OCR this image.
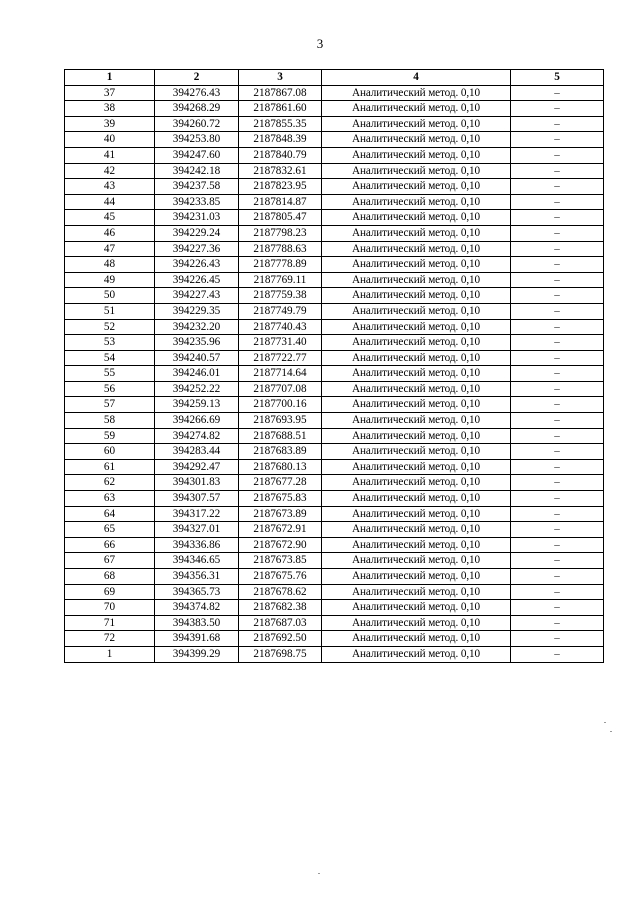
3
1	2	3	4	5
37	394276.43	2187867.08	Аналитический метод. 0,10	–
38	394268.29	2187861.60	Аналитический метод. 0,10	–
39	394260.72	2187855.35	Аналитический метод. 0,10	–
40	394253.80	2187848.39	Аналитический метод. 0,10	–
41	394247.60	2187840.79	Аналитический метод. 0,10	–
42	394242.18	2187832.61	Аналитический метод. 0,10	–
43	394237.58	2187823.95	Аналитический метод. 0,10	–
44	394233.85	2187814.87	Аналитический метод. 0,10	–
45	394231.03	2187805.47	Аналитический метод. 0,10	–
46	394229.24	2187798.23	Аналитический метод. 0,10	–
47	394227.36	2187788.63	Аналитический метод. 0,10	–
48	394226.43	2187778.89	Аналитический метод. 0,10	–
49	394226.45	2187769.11	Аналитический метод. 0,10	–
50	394227.43	2187759.38	Аналитический метод. 0,10	–
51	394229.35	2187749.79	Аналитический метод. 0,10	–
52	394232.20	2187740.43	Аналитический метод. 0,10	–
53	394235.96	2187731.40	Аналитический метод. 0,10	–
54	394240.57	2187722.77	Аналитический метод. 0,10	–
55	394246.01	2187714.64	Аналитический метод. 0,10	–
56	394252.22	2187707.08	Аналитический метод. 0,10	–
57	394259.13	2187700.16	Аналитический метод. 0,10	–
58	394266.69	2187693.95	Аналитический метод. 0,10	–
59	394274.82	2187688.51	Аналитический метод. 0,10	–
60	394283.44	2187683.89	Аналитический метод. 0,10	–
61	394292.47	2187680.13	Аналитический метод. 0,10	–
62	394301.83	2187677.28	Аналитический метод. 0,10	–
63	394307.57	2187675.83	Аналитический метод. 0,10	–
64	394317.22	2187673.89	Аналитический метод. 0,10	–
65	394327.01	2187672.91	Аналитический метод. 0,10	–
66	394336.86	2187672.90	Аналитический метод. 0,10	–
67	394346.65	2187673.85	Аналитический метод. 0,10	–
68	394356.31	2187675.76	Аналитический метод. 0,10	–
69	394365.73	2187678.62	Аналитический метод. 0,10	–
70	394374.82	2187682.38	Аналитический метод. 0,10	–
71	394383.50	2187687.03	Аналитический метод. 0,10	–
72	394391.68	2187692.50	Аналитический метод. 0,10	–
1	394399.29	2187698.75	Аналитический метод. 0,10	–
